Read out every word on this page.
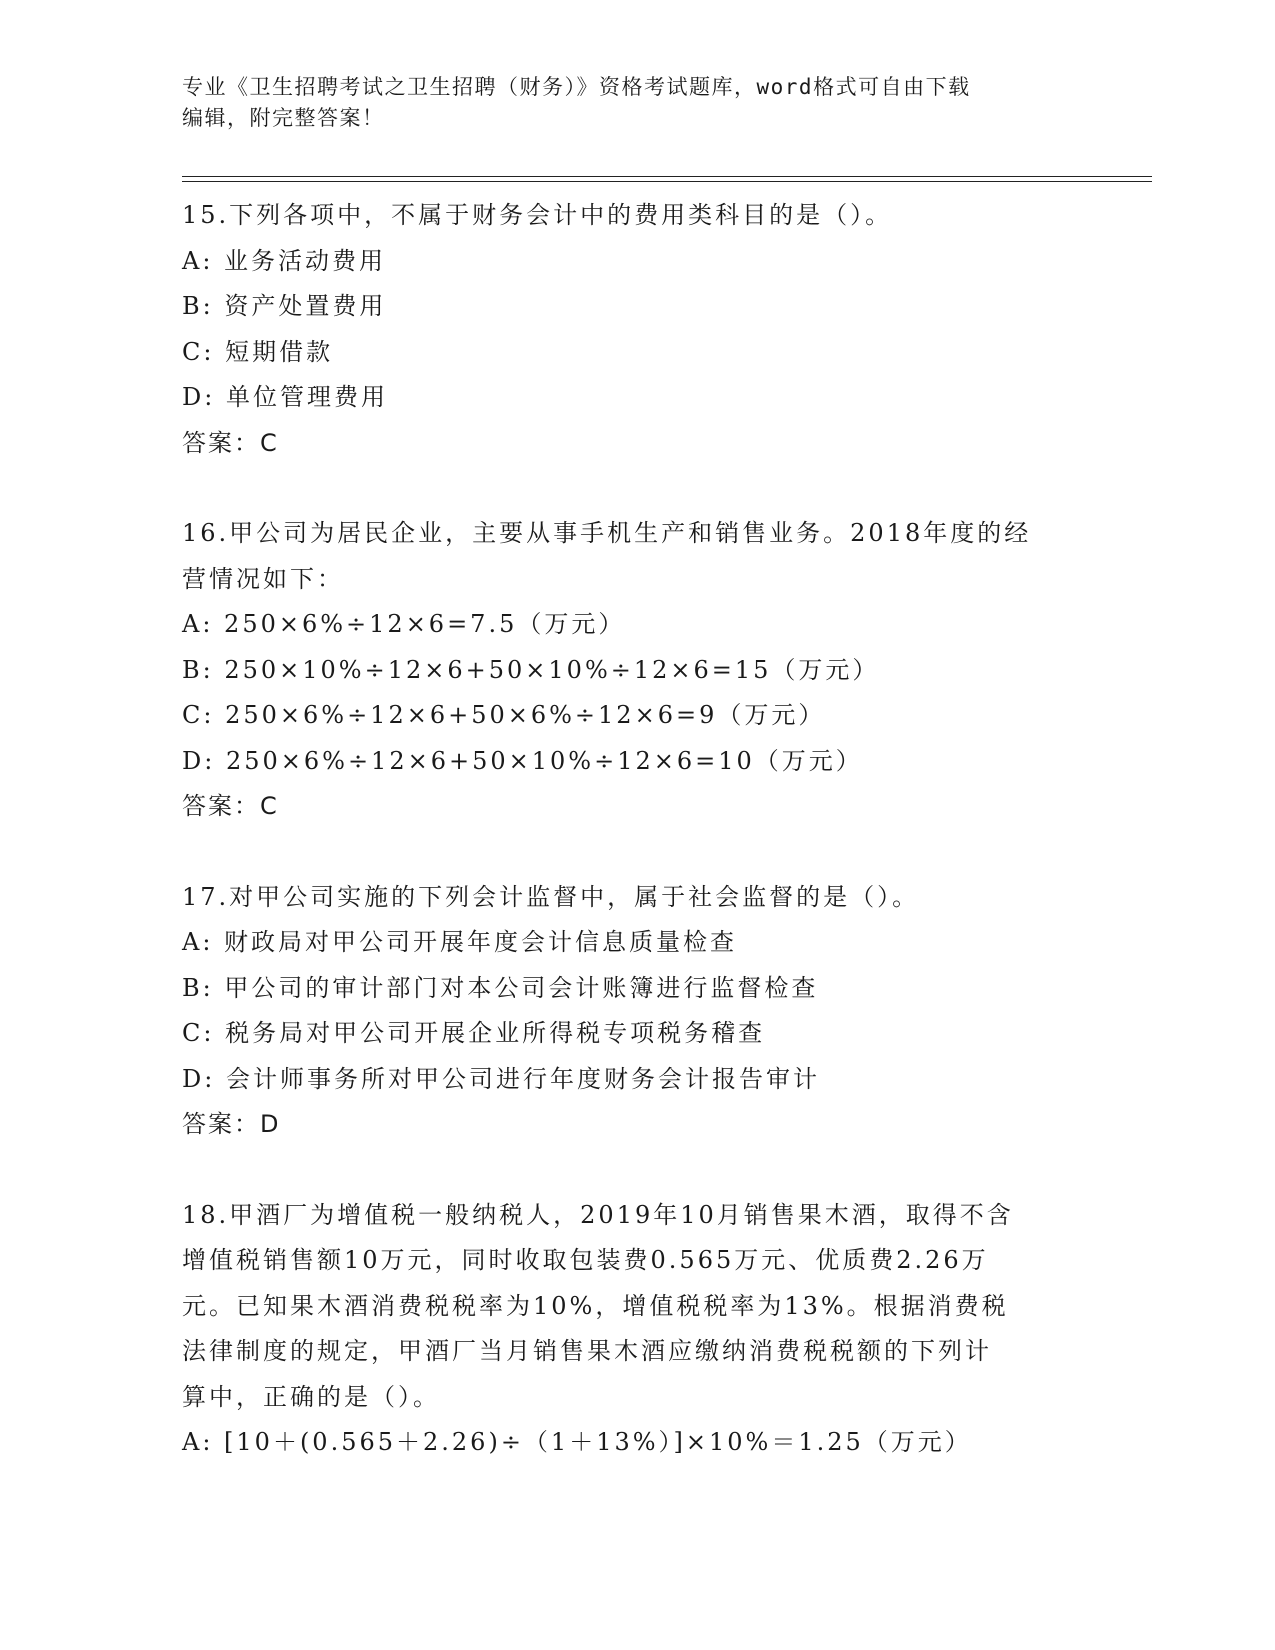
专业《卫生招聘考试之卫生招聘（财务）》资格考试题库，word格式可自由下载
编辑，附完整答案！
15.下列各项中，不属于财务会计中的费用类科目的是（）。
A: 业务活动费用
B: 资产处置费用
C: 短期借款
D: 单位管理费用
答案：C
16.甲公司为居民企业，主要从事手机生产和销售业务。2018年度的经
营情况如下：
A: 250×6%÷12×6=7.5（万元）
B: 250×10%÷12×6+50×10%÷12×6=15（万元）
C: 250×6%÷12×6+50×6%÷12×6=9（万元）
D: 250×6%÷12×6+50×10%÷12×6=10（万元）
答案：C
17.对甲公司实施的下列会计监督中，属于社会监督的是（）。
A: 财政局对甲公司开展年度会计信息质量检查
B: 甲公司的审计部门对本公司会计账簿进行监督检查
C: 税务局对甲公司开展企业所得税专项税务稽查
D: 会计师事务所对甲公司进行年度财务会计报告审计
答案：D
18.甲酒厂为增值税一般纳税人，2019年10月销售果木酒，取得不含
增值税销售额10万元，同时收取包装费0.565万元、优质费2.26万
元。已知果木酒消费税税率为10%，增值税税率为13%。根据消费税
法律制度的规定，甲酒厂当月销售果木酒应缴纳消费税税额的下列计
算中，正确的是（）。
A: [10＋(0.565＋2.26)÷（1＋13%）]×10%＝1.25（万元）
